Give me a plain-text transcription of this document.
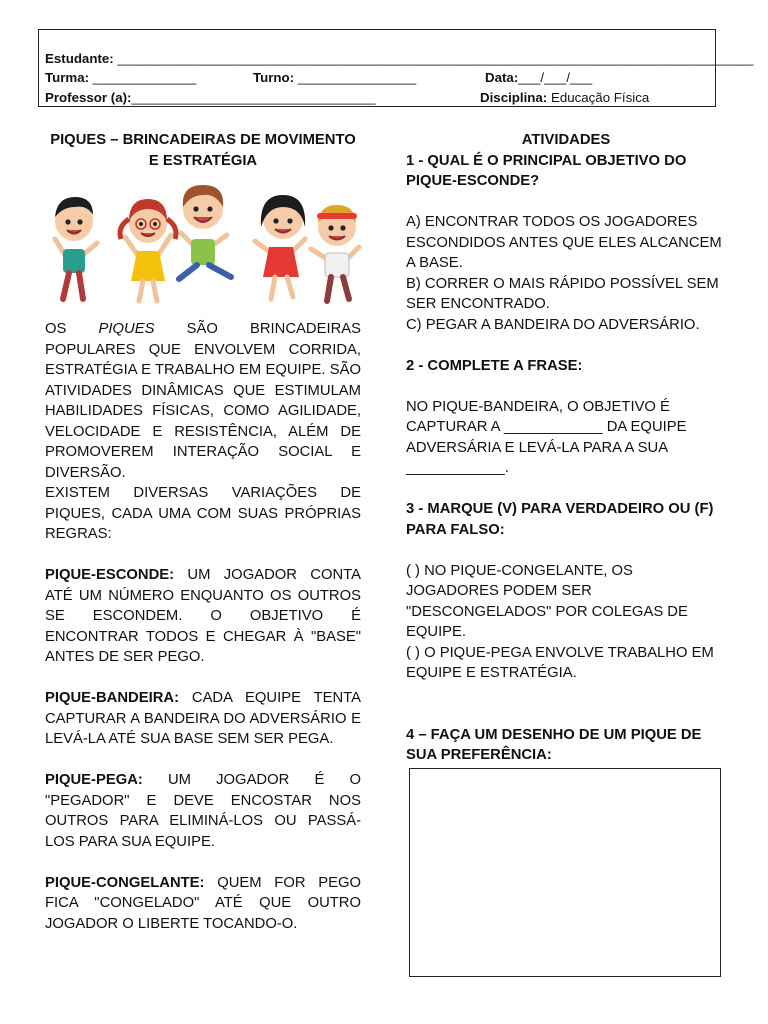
Estudante: ______________________________________________________________________________________
Turma: ______________	Turno: ________________	Data:___/___/___
Professor (a):_________________________________	Disciplina: Educação Física
PIQUES – BRINCADEIRAS DE MOVIMENTO E ESTRATÉGIA
OS PIQUES SÃO BRINCADEIRAS POPULARES QUE ENVOLVEM CORRIDA, ESTRATÉGIA E TRABALHO EM EQUIPE. SÃO ATIVIDADES DINÂMICAS QUE ESTIMULAM HABILIDADES FÍSICAS, COMO AGILIDADE, VELOCIDADE E RESISTÊNCIA, ALÉM DE PROMOVEREM INTERAÇÃO SOCIAL E DIVERSÃO.
EXISTEM DIVERSAS VARIAÇÕES DE PIQUES, CADA UMA COM SUAS PRÓPRIAS REGRAS:
PIQUE-ESCONDE: UM JOGADOR CONTA ATÉ UM NÚMERO ENQUANTO OS OUTROS SE ESCONDEM. O OBJETIVO É ENCONTRAR TODOS E CHEGAR À "BASE" ANTES DE SER PEGO.
PIQUE-BANDEIRA: CADA EQUIPE TENTA CAPTURAR A BANDEIRA DO ADVERSÁRIO E LEVÁ-LA ATÉ SUA BASE SEM SER PEGA.
PIQUE-PEGA: UM JOGADOR É O "PEGADOR" E DEVE ENCOSTAR NOS OUTROS PARA ELIMINÁ-LOS OU PASSÁ-LOS PARA SUA EQUIPE.
PIQUE-CONGELANTE: QUEM FOR PEGO FICA "CONGELADO" ATÉ QUE OUTRO JOGADOR O LIBERTE TOCANDO-O.
ATIVIDADES
1 - QUAL É O PRINCIPAL OBJETIVO DO PIQUE-ESCONDE?
A) ENCONTRAR TODOS OS JOGADORES ESCONDIDOS ANTES QUE ELES ALCANCEM A BASE.
B) CORRER O MAIS RÁPIDO POSSÍVEL SEM SER ENCONTRADO.
C) PEGAR A BANDEIRA DO ADVERSÁRIO.
2 - COMPLETE A FRASE:
NO PIQUE-BANDEIRA, O OBJETIVO É
CAPTURAR A ____________ DA EQUIPE
ADVERSÁRIA E LEVÁ-LA PARA A SUA
____________.
3 - MARQUE (V) PARA VERDADEIRO OU (F) PARA FALSO:
( ) NO PIQUE-CONGELANTE, OS JOGADORES PODEM SER "DESCONGELADOS" POR COLEGAS DE EQUIPE.
( ) O PIQUE-PEGA ENVOLVE TRABALHO EM EQUIPE E ESTRATÉGIA.
4 – FAÇA UM DESENHO DE UM PIQUE DE SUA PREFERÊNCIA:
